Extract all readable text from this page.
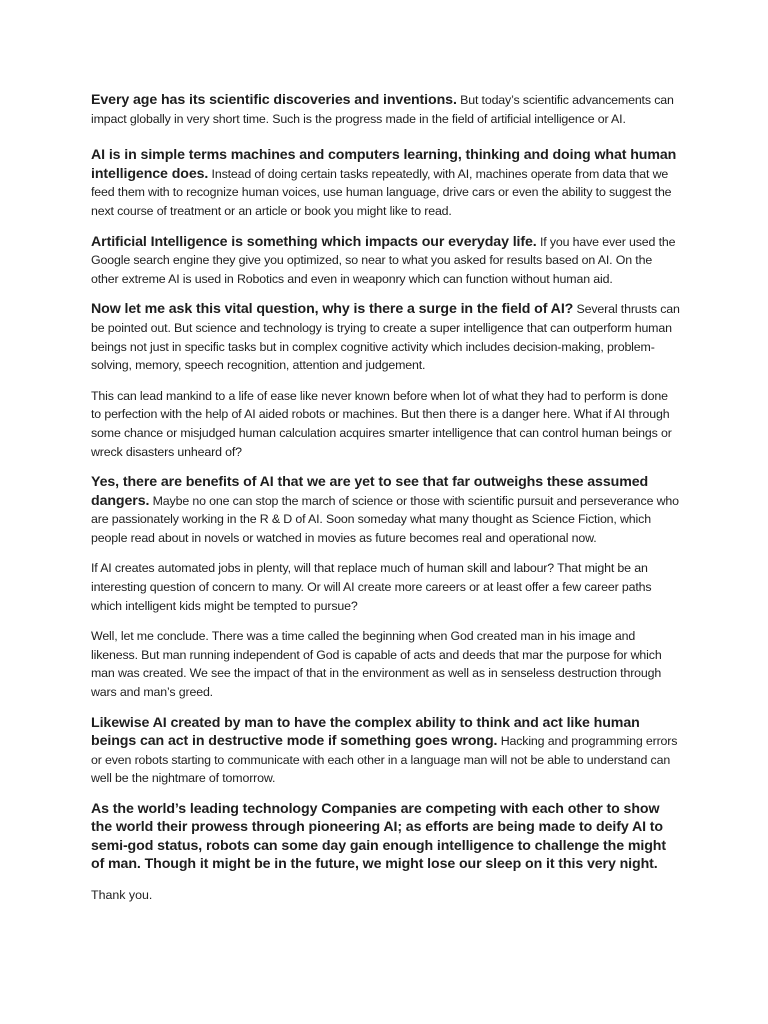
Every age has its scientific discoveries and inventions. But today’s scientific advancements can impact globally in very short time. Such is the progress made in the field of artificial intelligence or AI.

AI is in simple terms machines and computers learning, thinking and doing what human intelligence does. Instead of doing certain tasks repeatedly, with AI, machines operate from data that we feed them with to recognize human voices, use human language, drive cars or even the ability to suggest the next course of treatment or an article or book you might like to read.

Artificial Intelligence is something which impacts our everyday life. If you have ever used the Google search engine they give you optimized, so near to what you asked for results based on AI. On the other extreme AI is used in Robotics and even in weaponry which can function without human aid.

Now let me ask this vital question, why is there a surge in the field of AI? Several thrusts can be pointed out. But science and technology is trying to create a super intelligence that can outperform human beings not just in specific tasks but in complex cognitive activity which includes decision-making, problem-solving, memory, speech recognition, attention and judgement.

This can lead mankind to a life of ease like never known before when lot of what they had to perform is done to perfection with the help of AI aided robots or machines. But then there is a danger here. What if AI through some chance or misjudged human calculation acquires smarter intelligence that can control human beings or wreck disasters unheard of?

Yes, there are benefits of AI that we are yet to see that far outweighs these assumed dangers. Maybe no one can stop the march of science or those with scientific pursuit and perseverance who are passionately working in the R & D of AI. Soon someday what many thought as Science Fiction, which people read about in novels or watched in movies as future becomes real and operational now.

If AI creates automated jobs in plenty, will that replace much of human skill and labour? That might be an interesting question of concern to many. Or will AI create more careers or at least offer a few career paths which intelligent kids might be tempted to pursue?

Well, let me conclude. There was a time called the beginning when God created man in his image and likeness. But man running independent of God is capable of acts and deeds that mar the purpose for which man was created. We see the impact of that in the environment as well as in senseless destruction through wars and man’s greed.

Likewise AI created by man to have the complex ability to think and act like human beings can act in destructive mode if something goes wrong. Hacking and programming errors or even robots starting to communicate with each other in a language man will not be able to understand can well be the nightmare of tomorrow.

As the world’s leading technology Companies are competing with each other to show the world their prowess through pioneering AI; as efforts are being made to deify AI to semi-god status, robots can some day gain enough intelligence to challenge the might of man. Though it might be in the future, we might lose our sleep on it this very night.

Thank you.
